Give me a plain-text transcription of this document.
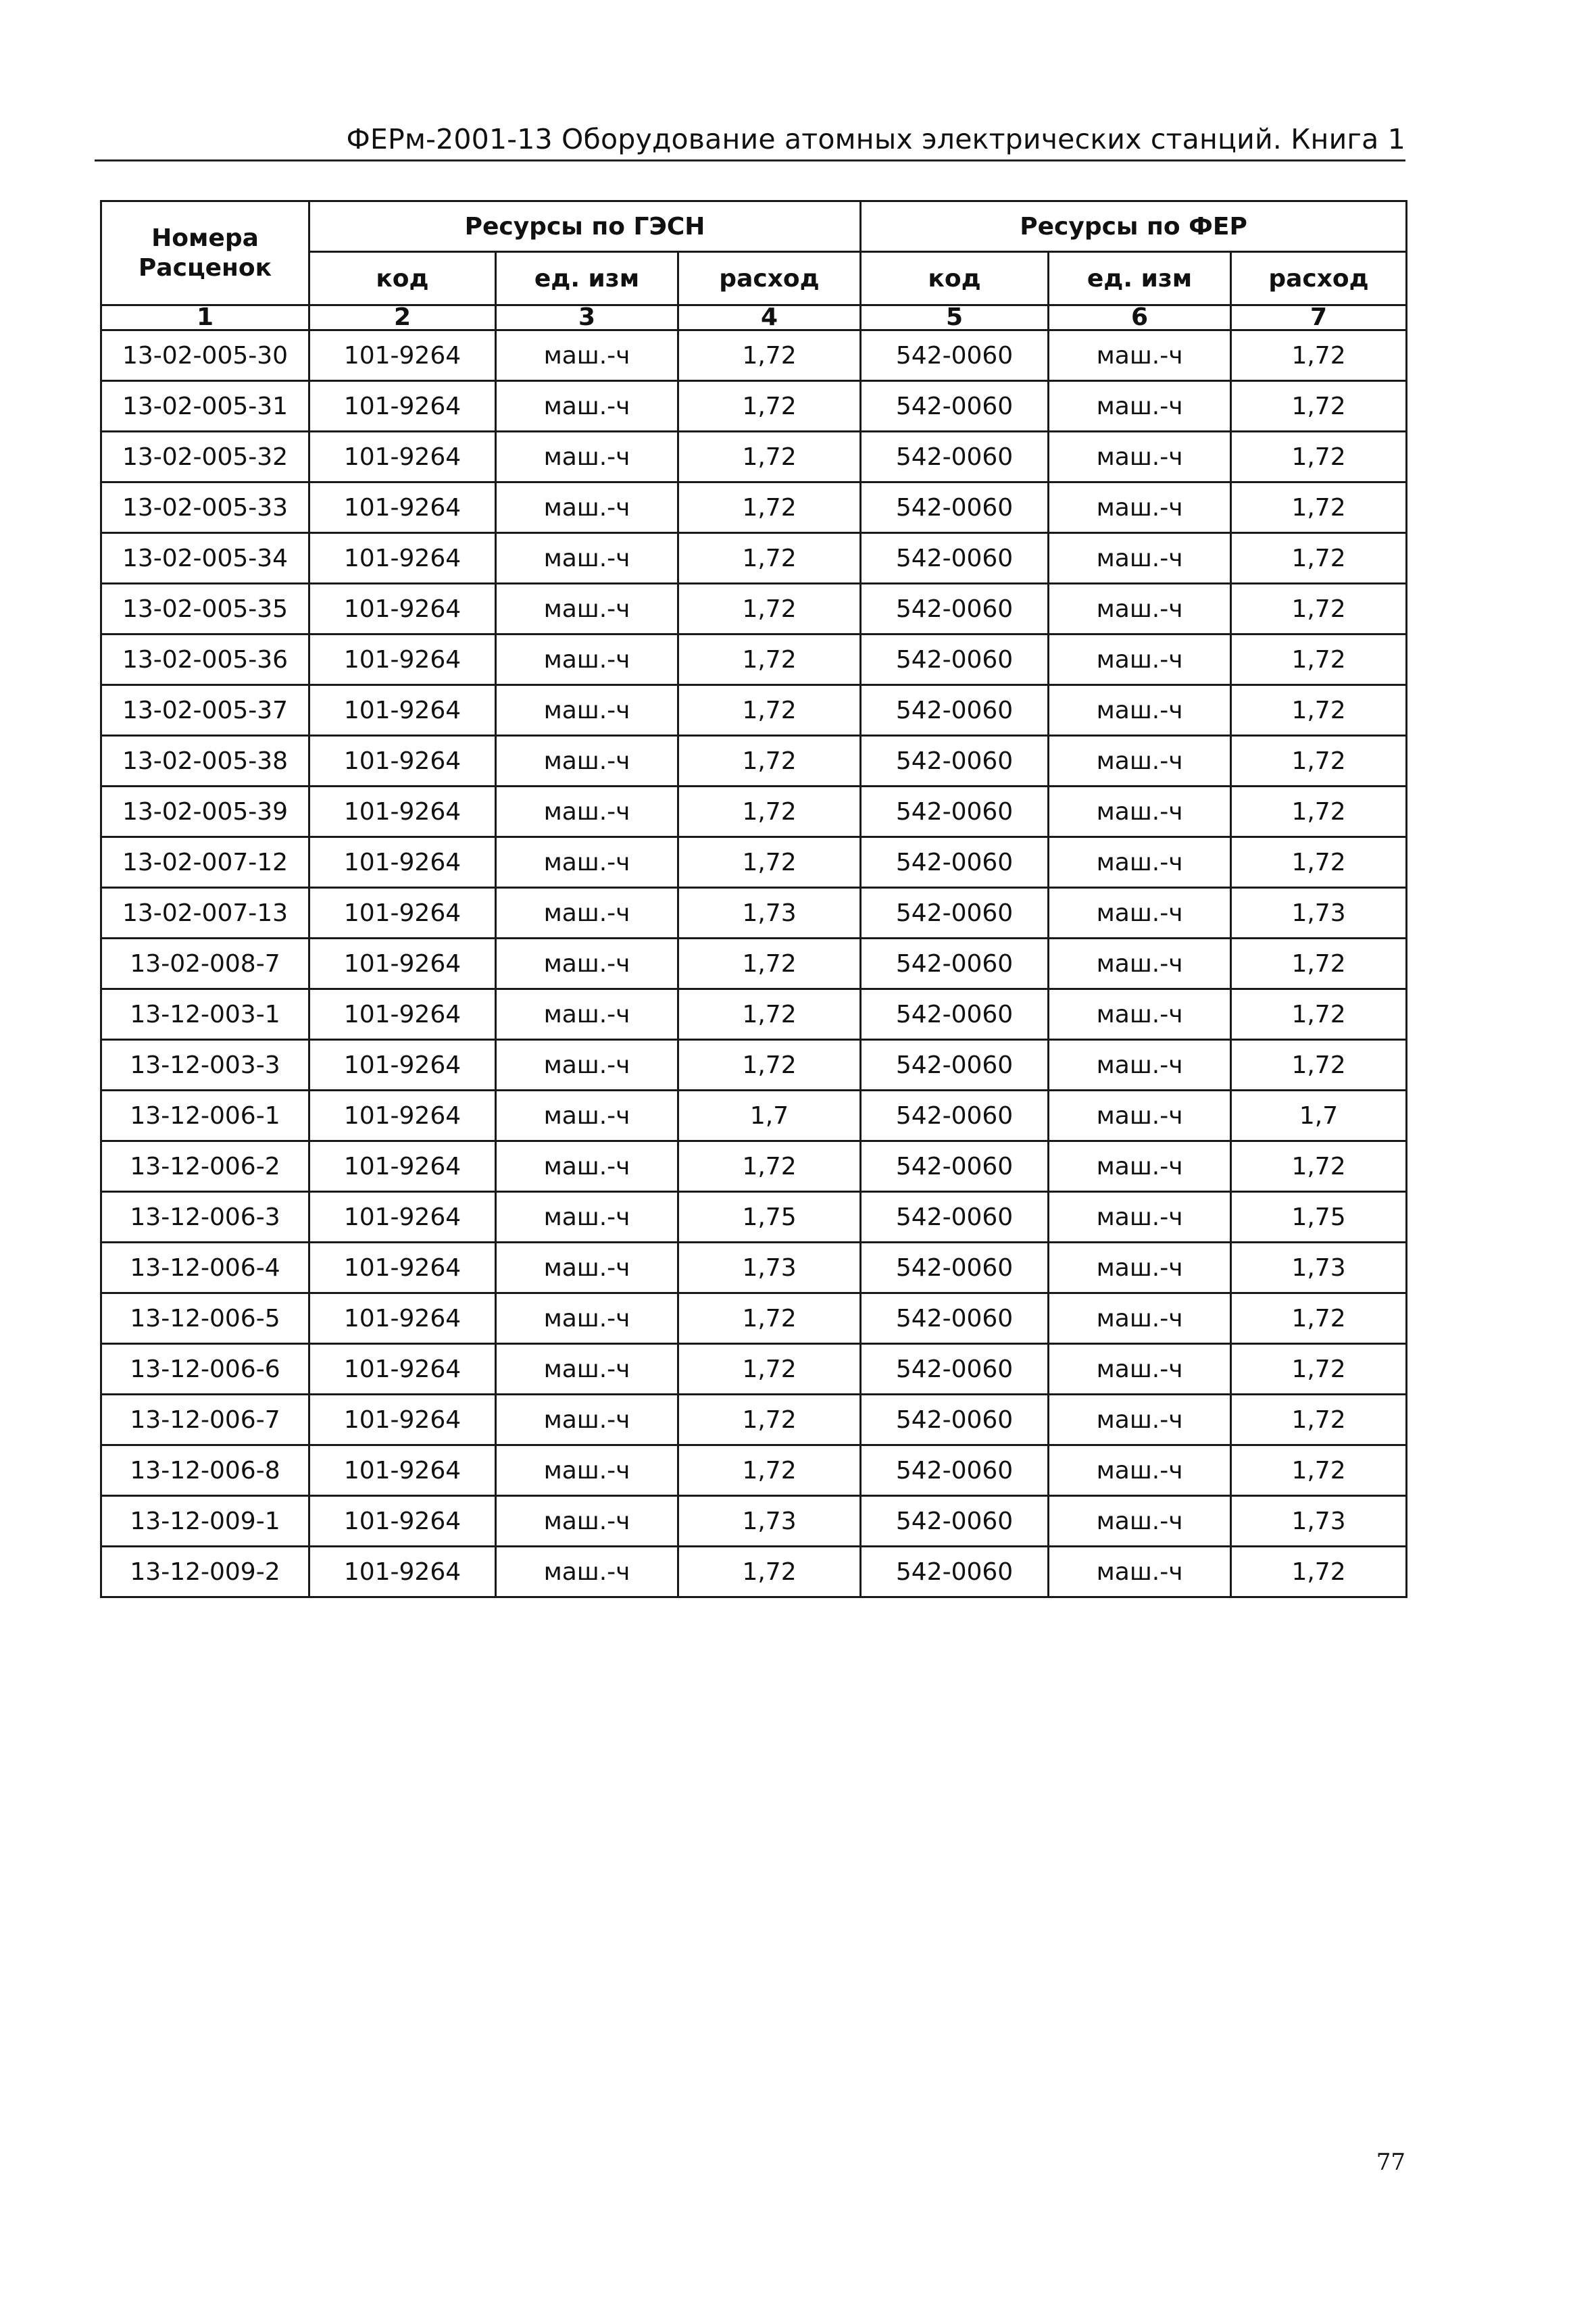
ФЕРм-2001-13 Оборудование атомных электрических станций. Книга 1
Номера
Расценок	Ресурсы по ГЭСН			Ресурсы по ФЕР		
	код	ед. изм	расход	код	ед. изм	расход
1	2	3	4	5	6	7
13-02-005-30	101-9264	маш.-ч	1,72	542-0060	маш.-ч	1,72
13-02-005-31	101-9264	маш.-ч	1,72	542-0060	маш.-ч	1,72
13-02-005-32	101-9264	маш.-ч	1,72	542-0060	маш.-ч	1,72
13-02-005-33	101-9264	маш.-ч	1,72	542-0060	маш.-ч	1,72
13-02-005-34	101-9264	маш.-ч	1,72	542-0060	маш.-ч	1,72
13-02-005-35	101-9264	маш.-ч	1,72	542-0060	маш.-ч	1,72
13-02-005-36	101-9264	маш.-ч	1,72	542-0060	маш.-ч	1,72
13-02-005-37	101-9264	маш.-ч	1,72	542-0060	маш.-ч	1,72
13-02-005-38	101-9264	маш.-ч	1,72	542-0060	маш.-ч	1,72
13-02-005-39	101-9264	маш.-ч	1,72	542-0060	маш.-ч	1,72
13-02-007-12	101-9264	маш.-ч	1,72	542-0060	маш.-ч	1,72
13-02-007-13	101-9264	маш.-ч	1,73	542-0060	маш.-ч	1,73
13-02-008-7	101-9264	маш.-ч	1,72	542-0060	маш.-ч	1,72
13-12-003-1	101-9264	маш.-ч	1,72	542-0060	маш.-ч	1,72
13-12-003-3	101-9264	маш.-ч	1,72	542-0060	маш.-ч	1,72
13-12-006-1	101-9264	маш.-ч	1,7	542-0060	маш.-ч	1,7
13-12-006-2	101-9264	маш.-ч	1,72	542-0060	маш.-ч	1,72
13-12-006-3	101-9264	маш.-ч	1,75	542-0060	маш.-ч	1,75
13-12-006-4	101-9264	маш.-ч	1,73	542-0060	маш.-ч	1,73
13-12-006-5	101-9264	маш.-ч	1,72	542-0060	маш.-ч	1,72
13-12-006-6	101-9264	маш.-ч	1,72	542-0060	маш.-ч	1,72
13-12-006-7	101-9264	маш.-ч	1,72	542-0060	маш.-ч	1,72
13-12-006-8	101-9264	маш.-ч	1,72	542-0060	маш.-ч	1,72
13-12-009-1	101-9264	маш.-ч	1,73	542-0060	маш.-ч	1,73
13-12-009-2	101-9264	маш.-ч	1,72	542-0060	маш.-ч	1,72
77
